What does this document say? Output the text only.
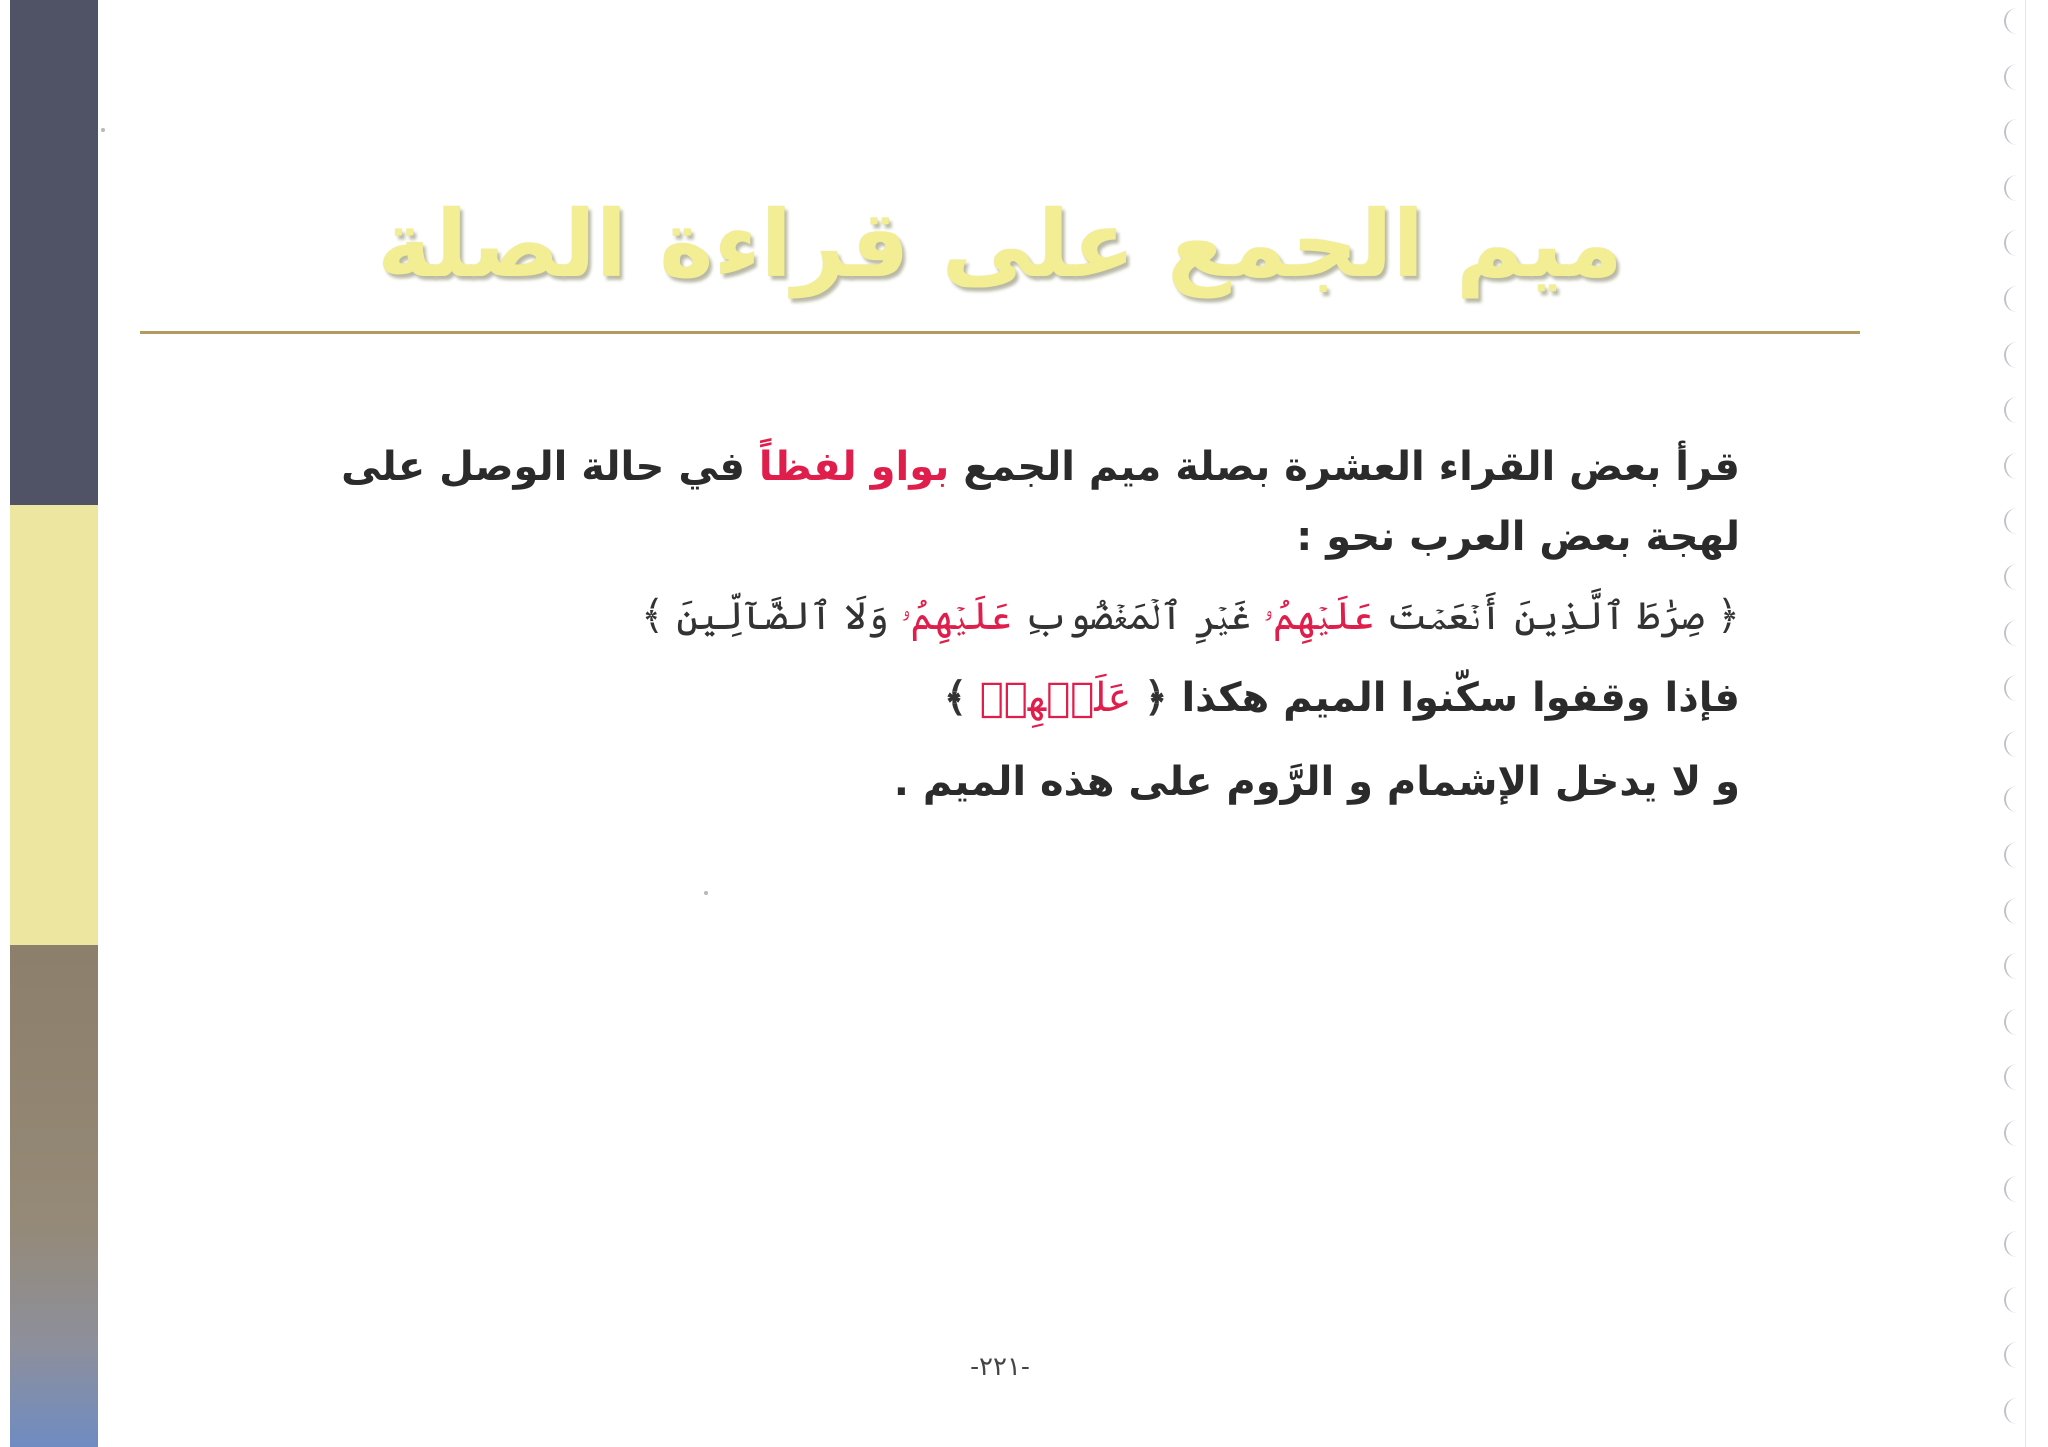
ميم الجمع على قراءة الصلة

قرأ بعض القراء العشرة بصلة ميم الجمع بواو لفظاً في حالة الوصل على لهجة بعض العرب نحو :

﴿ صِرَٰطَ ٱلَّذِينَ أَنۡعَمۡتَ عَلَيۡهِمُۥ غَيۡرِ ٱلۡمَغۡضُوبِ عَلَيۡهِمُۥ وَلَا ٱلضَّآلِّينَ ﴾

فإذا وقفوا سكّنوا الميم هكذا ﴿ عَلَيۡهِمۡ ﴾

و لا يدخل الإشمام و الرَّوم على هذه الميم .

-٢٢١-
